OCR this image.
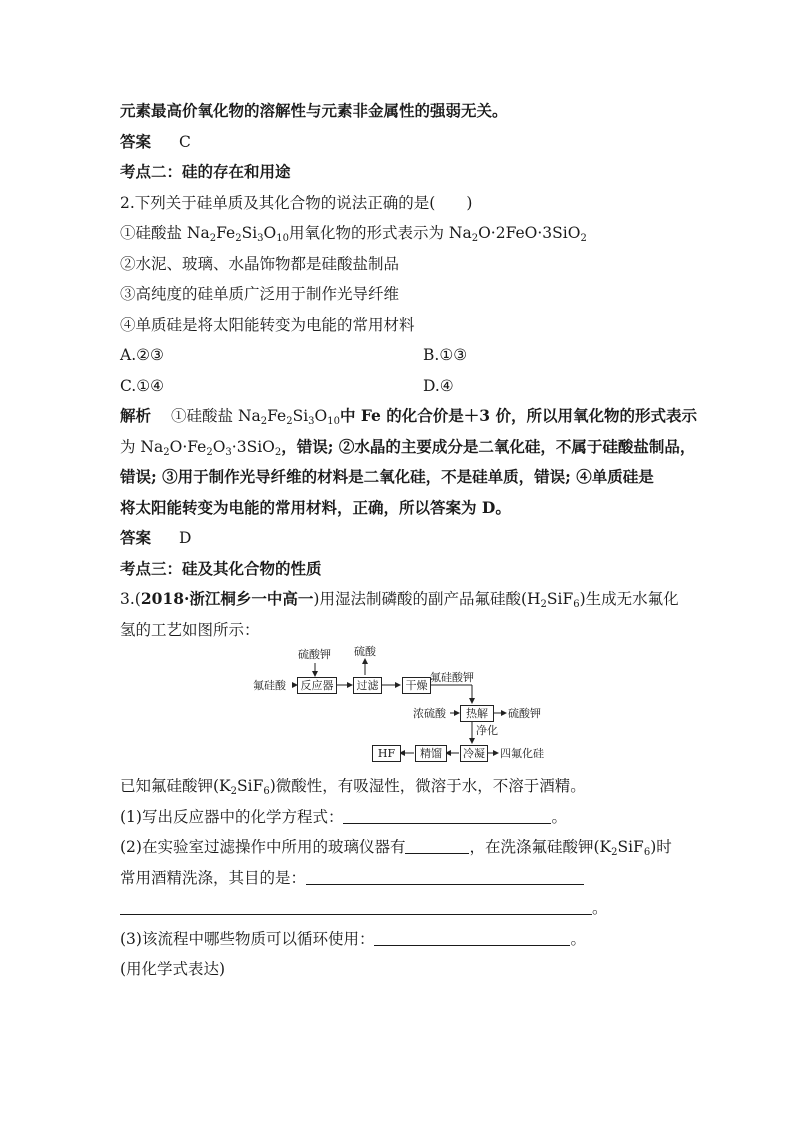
元素最高价氧化物的溶解性与元素非金属性的强弱无关。
答案 C
考点二：硅的存在和用途
2.下列关于硅单质及其化合物的说法正确的是(　　)
①硅酸盐 $Na_2Fe_2Si_3O_{10}$用氧化物的形式表示为 $Na_2O\cdot 2FeO\cdot 3SiO_2$
②水泥、玻璃、水晶饰物都是硅酸盐制品
③高纯度的硅单质广泛用于制作光导纤维
④单质硅是将太阳能转变为电能的常用材料
A.②③	B.①③
C.①④	D.④
解析 ①硅酸盐 $Na_2Fe_2Si_3O_{10}$中 Fe 的化合价是＋3 价，所以用氧化物的形式表示
为 $Na_2O\cdot Fe_2O_3\cdot 3SiO_2$，错误; ②水晶的主要成分是二氧化硅，不属于硅酸盐制品，
错误; ③用于制作光导纤维的材料是二氧化硅，不是硅单质，错误; ④单质硅是
将太阳能转变为电能的常用材料，正确，所以答案为 D。
答案 D
考点三：硅及其化合物的性质
3.(2018·浙江桐乡一中高一)用湿法制磷酸的副产品氟硅酸$(H_2SiF_6)$生成无水氟化
氢的工艺如图所示：
反应器	过滤	干燥
热解
冷凝
精馏
HF
硫酸钾 硫酸
氟硅酸
氟硅酸钾
浓硫酸	硫酸钾
净化
四氟化硅
已知氟硅酸钾$(K_2SiF_6)$微酸性，有吸湿性，微溶于水，不溶于酒精。
(1)写出反应器中的化学方程式：	。
(2)在实验室过滤操作中所用的玻璃仪器有	，在洗涤氟硅酸钾$(K_2SiF_6)$时
常用酒精洗涤，其目的是：
。
(3)该流程中哪些物质可以循环使用：	。
(用化学式表达)
